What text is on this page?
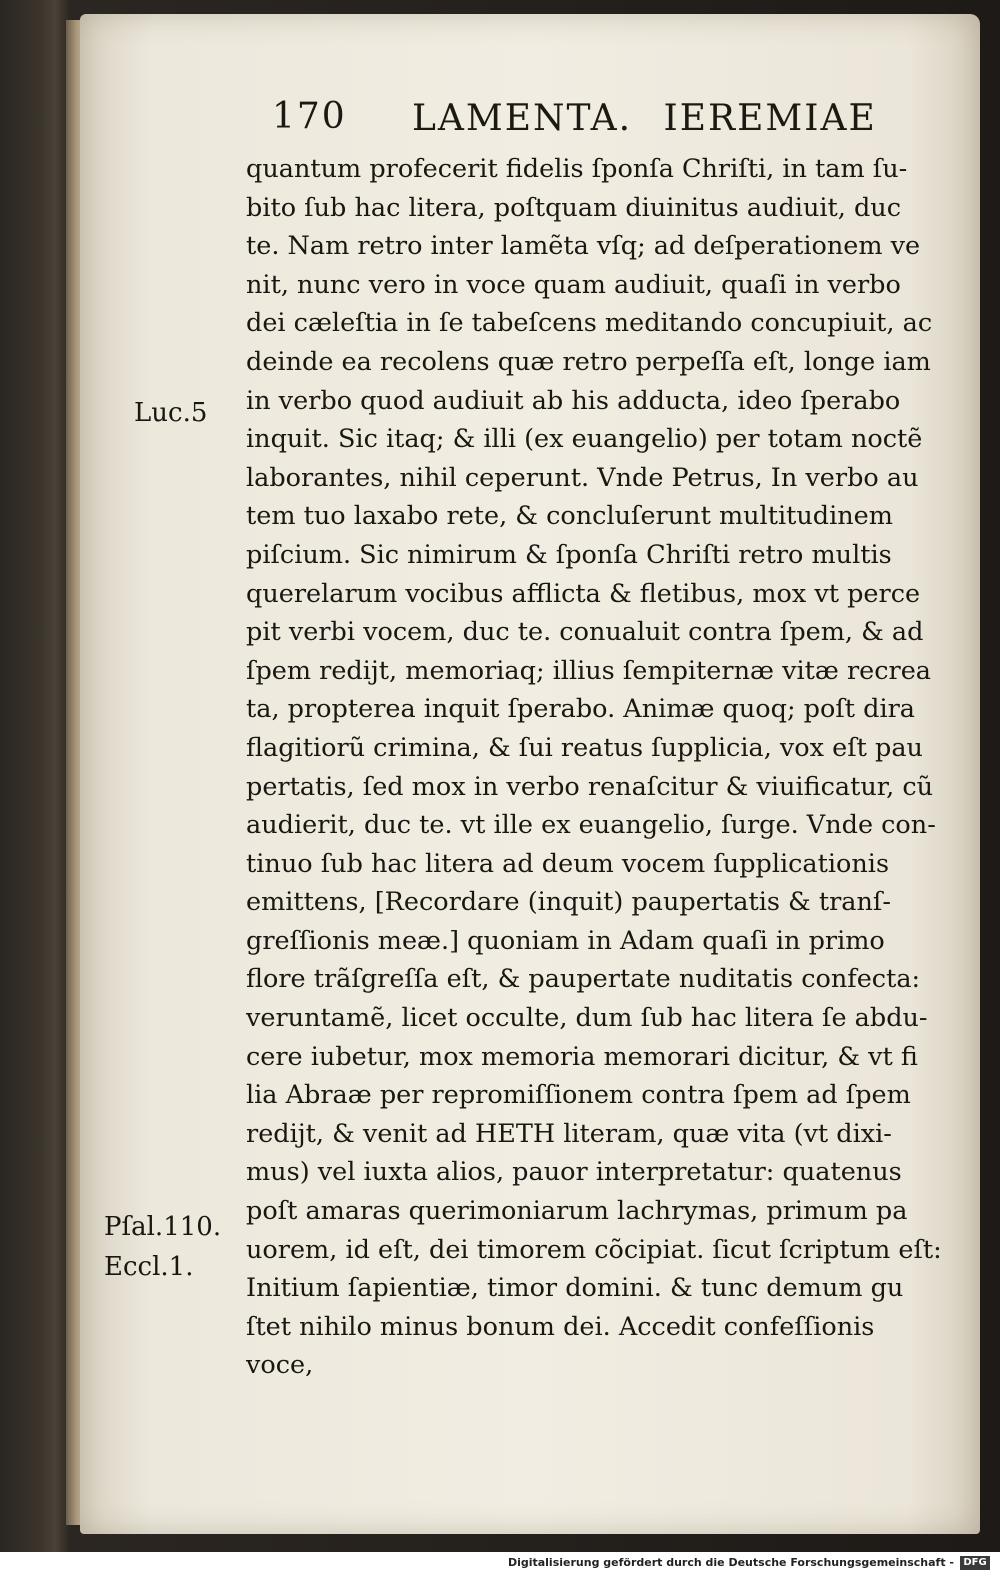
170 LAMENTA. IEREMIAE
quantum profecerit fidelis ſponſa Chriſti, in tam ſu-
bito ſub hac litera, poſtquam diuinitus audiuit, duc
te. Nam retro inter lamẽta vſq; ad deſperationem ve
nit, nunc vero in voce quam audiuit, quaſi in verbo
dei cæleſtia in ſe tabeſcens meditando concupiuit, ac
deinde ea recolens quæ retro perpeſſa eſt, longe iam
in verbo quod audiuit ab his adducta, ideo ſperabo
inquit. Sic itaq; & illi (ex euangelio) per totam noctẽ
laborantes, nihil ceperunt. Vnde Petrus, In verbo au
tem tuo laxabo rete, & concluſerunt multitudinem
piſcium. Sic nimirum & ſponſa Chriſti retro multis
querelarum vocibus afflicta & fletibus, mox vt perce
pit verbi vocem, duc te. conualuit contra ſpem, & ad
ſpem rediјt, memoriaq; illius ſempiternæ vitæ recrea
ta, propterea inquit ſperabo. Animæ quoq; poſt dira
flagitiorũ crimina, & ſui reatus ſupplicia, vox eſt pau
pertatis, ſed mox in verbo renaſcitur & viuificatur, cũ
audierit, duc te. vt ille ex euangelio, ſurge. Vnde con-
tinuo ſub hac litera ad deum vocem ſupplicationis
emittens, [Recordare (inquit) paupertatis & tranſ-
greſſionis meæ.] quoniam in Adam quaſi in primo
flore trãſgreſſa eſt, & paupertate nuditatis confecta:
veruntamẽ, licet occulte, dum ſub hac litera ſe abdu-
cere iubetur, mox memoria memorari dicitur, & vt fi
lia Abraæ per repromiſſionem contra ſpem ad ſpem
rediјt, & venit ad HETH literam, quæ vita (vt dixi-
mus) vel iuxta alios, pauor interpretatur: quatenus
poſt amaras querimoniarum lachrymas, primum pa
uorem, id eſt, dei timorem cõcipiat. ſicut ſcriptum eſt:
Initium ſapientiæ, timor domini. & tunc demum gu
ſtet nihilo minus bonum dei. Accedit confeſſionis
voce,
Luc.5
Pſal.110.
Eccl.1.
Digitalisierung gefördert durch die Deutsche Forschungsgemeinschaft - DFG
